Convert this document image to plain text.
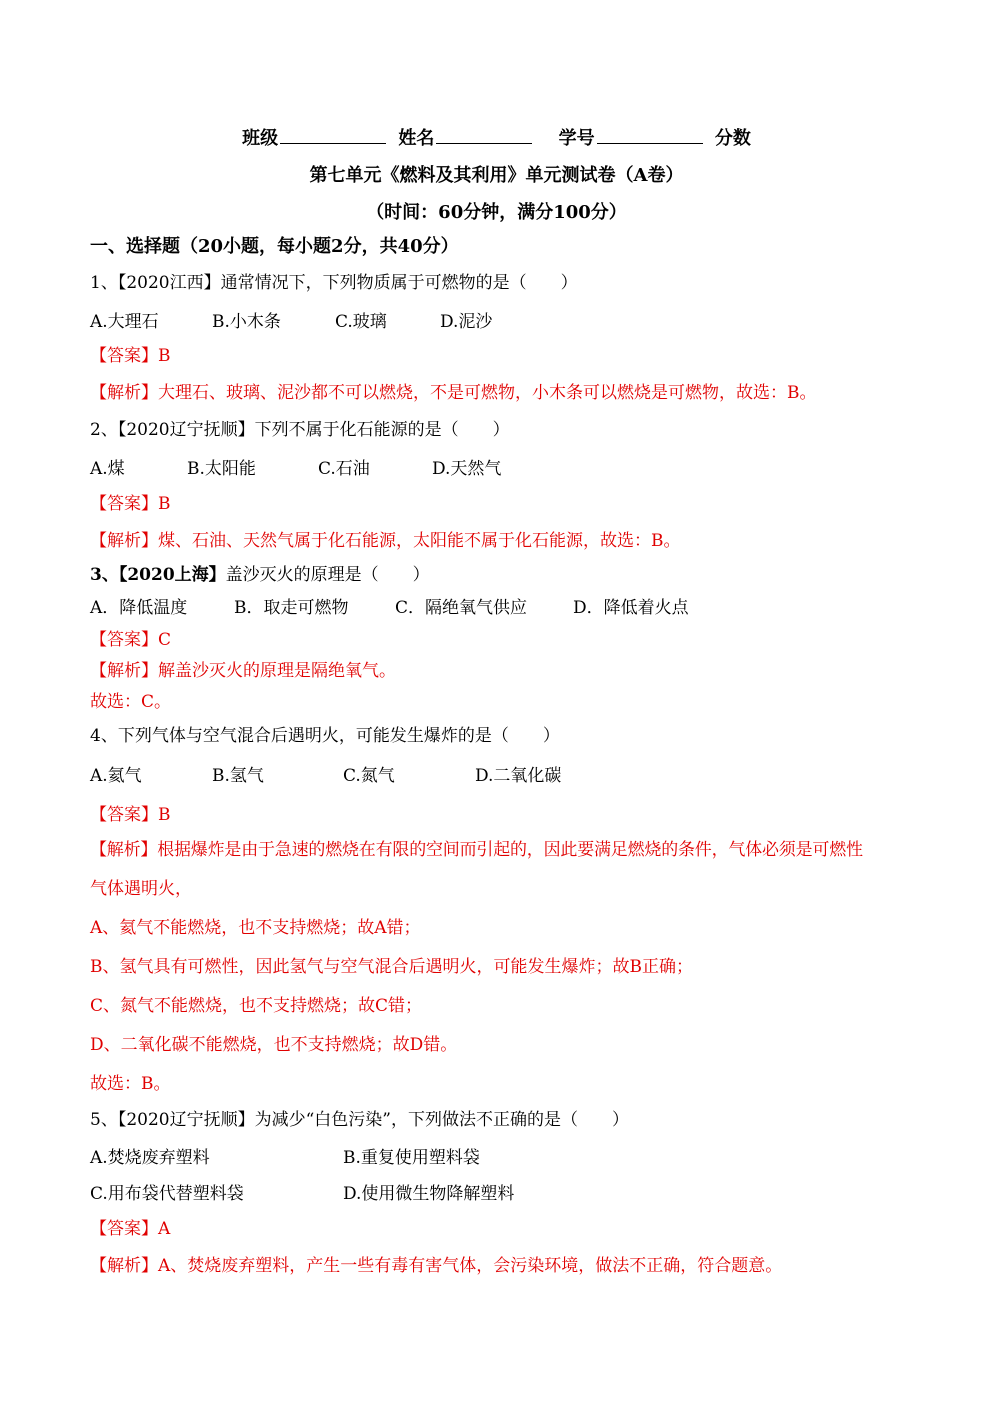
班级	姓名	学号	分数
第七单元《燃料及其利用》单元测试卷（A卷）
（时间：60分钟，满分100分）
一、选择题（20小题，每小题2分，共40分）
1、【2020江西】通常情况下，下列物质属于可燃物的是（　　）
A.大理石	B.小木条	C.玻璃	D.泥沙
【答案】B
【解析】大理石、玻璃、泥沙都不可以燃烧，不是可燃物，小木条可以燃烧是可燃物，故选：B。
2、【2020辽宁抚顺】下列不属于化石能源的是（　　）
A.煤	B.太阳能	C.石油	D.天然气
【答案】B
【解析】煤、石油、天然气属于化石能源，太阳能不属于化石能源，故选：B。
3、【2020上海】盖沙灭火的原理是（　　）
A．降低温度	B．取走可燃物	C．隔绝氧气供应	D．降低着火点
【答案】C
【解析】解盖沙灭火的原理是隔绝氧气。
故选：C。
4、下列气体与空气混合后遇明火，可能发生爆炸的是（　　）
A.氦气	B.氢气	C.氮气	D.二氧化碳
【答案】B
【解析】根据爆炸是由于急速的燃烧在有限的空间而引起的，因此要满足燃烧的条件，气体必须是可燃性
气体遇明火，
A、氦气不能燃烧，也不支持燃烧；故A错；
B、氢气具有可燃性，因此氢气与空气混合后遇明火，可能发生爆炸；故B正确；
C、氮气不能燃烧，也不支持燃烧；故C错；
D、二氧化碳不能燃烧，也不支持燃烧；故D错。
故选：B。
5、【2020辽宁抚顺】为减少“白色污染”，下列做法不正确的是（　　）
A.焚烧废弃塑料	B.重复使用塑料袋
C.用布袋代替塑料袋	D.使用微生物降解塑料
【答案】A
【解析】A、焚烧废弃塑料，产生一些有毒有害气体，会污染环境，做法不正确，符合题意。
